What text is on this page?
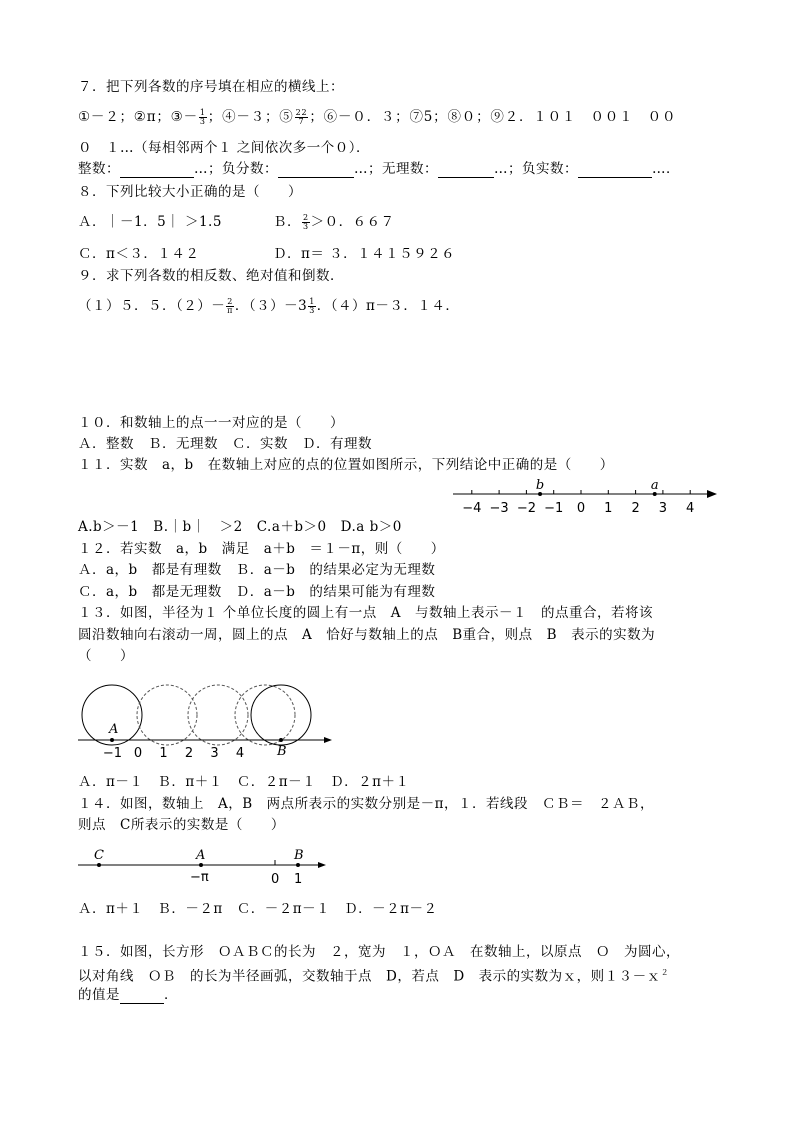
７．把下列各数的序号填在相应的横线上：
①－２；②π；③－ $\frac{1}{3}$ ；④－３；⑤ $\frac{22}{7}$ ；⑥－０．３；⑦5；⑧０；⑨２．１０１　００１　００
０　１…（每相邻两个１ 之间依次多一个０）．
整数：	…；负分数：	…；无理数：	…；负实数：	…．
８．下列比较大小正确的是（　　）
Ａ．｜－1．5｜ ＞1.5̇	Ｂ． $\frac{2}{3} >0$．６６７
Ｃ．π＜３．１４２	Ｄ．π＝ ３．１４１５９２６
９．求下列各数的相反数、绝对值和倒数．
（１）５．５．$(2)- \frac{2}{\pi}$ ．$(3)-3 \frac{1}{3}$ ．（４）π－３．１４．
１０．和数轴上的点一一对应的是（　　）
Ａ．整数　Ｂ．无理数　Ｃ．实数　Ｄ．有理数
１１．实数　a，b　在数轴上对应的点的位置如图所示，下列结论中正确的是（　　）
−4 −3 −2 −1 0 1 2 3 4
b	a
A.b＞－1　B.｜b｜　＞2　C.a＋b＞0　D.a b＞0
１２．若实数　a，b　满足　a＋b　＝１－π，则（　　）
Ａ．a，b　都是有理数　Ｂ．a－b　的结果必定为无理数
Ｃ．a，b　都是无理数　Ｄ．a－b　的结果可能为有理数
１３．如图，半径为１ 个单位长度的圆上有一点　A　与数轴上表示－１　的点重合，若将该
圆沿数轴向右滚动一周，圆上的点　A　恰好与数轴上的点　B重合，则点　B　表示的实数为
（　　）
A
B
−1 0 1 2 3 4
Ａ．π－１　Ｂ．π＋１　Ｃ．２π－１　Ｄ．２π＋１
１４．如图，数轴上　A，B　两点所表示的实数分别是－π，１．若线段　ＣＢ＝　２ＡＢ，
则点　C所表示的实数是（　　）
C	A	B
−π	0 1
Ａ．π＋１　Ｂ．－２π　Ｃ．－２π－１　Ｄ．－２π－２
１５．如图，长方形　ＯＡＢＣ的长为　２，宽为　１，ＯＡ　在数轴上，以原点　Ｏ　为圆心，
以对角线　ＯＢ　的长为半径画弧，交数轴于点　D，若点　D　表示的实数为ｘ，则１３－ｘ$^2$
的值是	．
